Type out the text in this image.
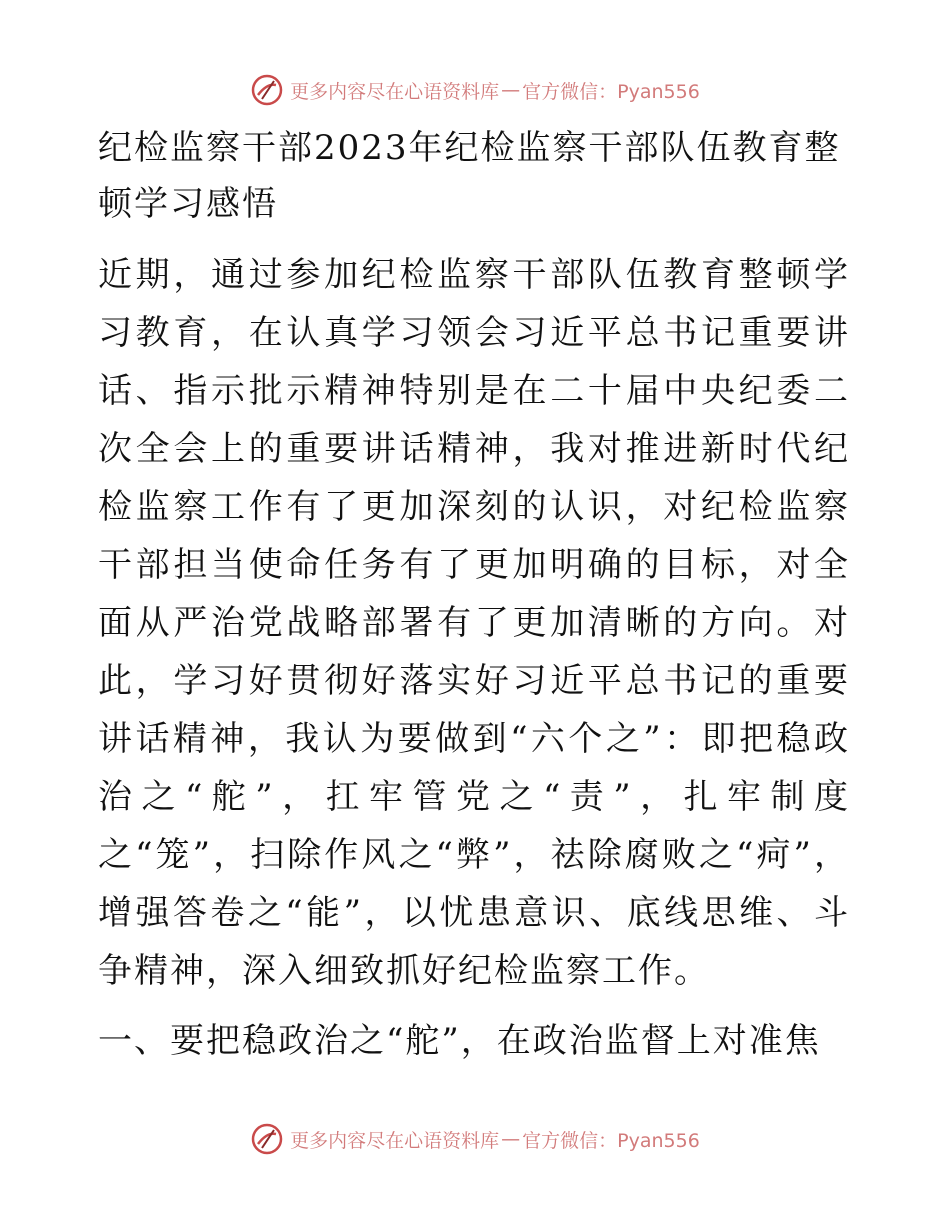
更多内容尽在心语资料库 — 官方微信：Pyan556

纪检监察干部2023年纪检监察干部队伍教育整顿学习感悟

近期，通过参加纪检监察干部队伍教育整顿学习教育，在认真学习领会习近平总书记重要讲话、指示批示精神特别是在二十届中央纪委二次全会上的重要讲话精神，我对推进新时代纪检监察工作有了更加深刻的认识，对纪检监察干部担当使命任务有了更加明确的目标，对全面从严治党战略部署有了更加清晰的方向。对此，学习好贯彻好落实好习近平总书记的重要讲话精神，我认为要做到“六个之”：即把稳政治之“舵”，扛牢管党之“责”，扎牢制度之“笼”，扫除作风之“弊”，祛除腐败之“疴”，增强答卷之“能”，以忧患意识、底线思维、斗争精神，深入细致抓好纪检监察工作。

一、要把稳政治之“舵”，在政治监督上对准焦

更多内容尽在心语资料库 — 官方微信：Pyan556
